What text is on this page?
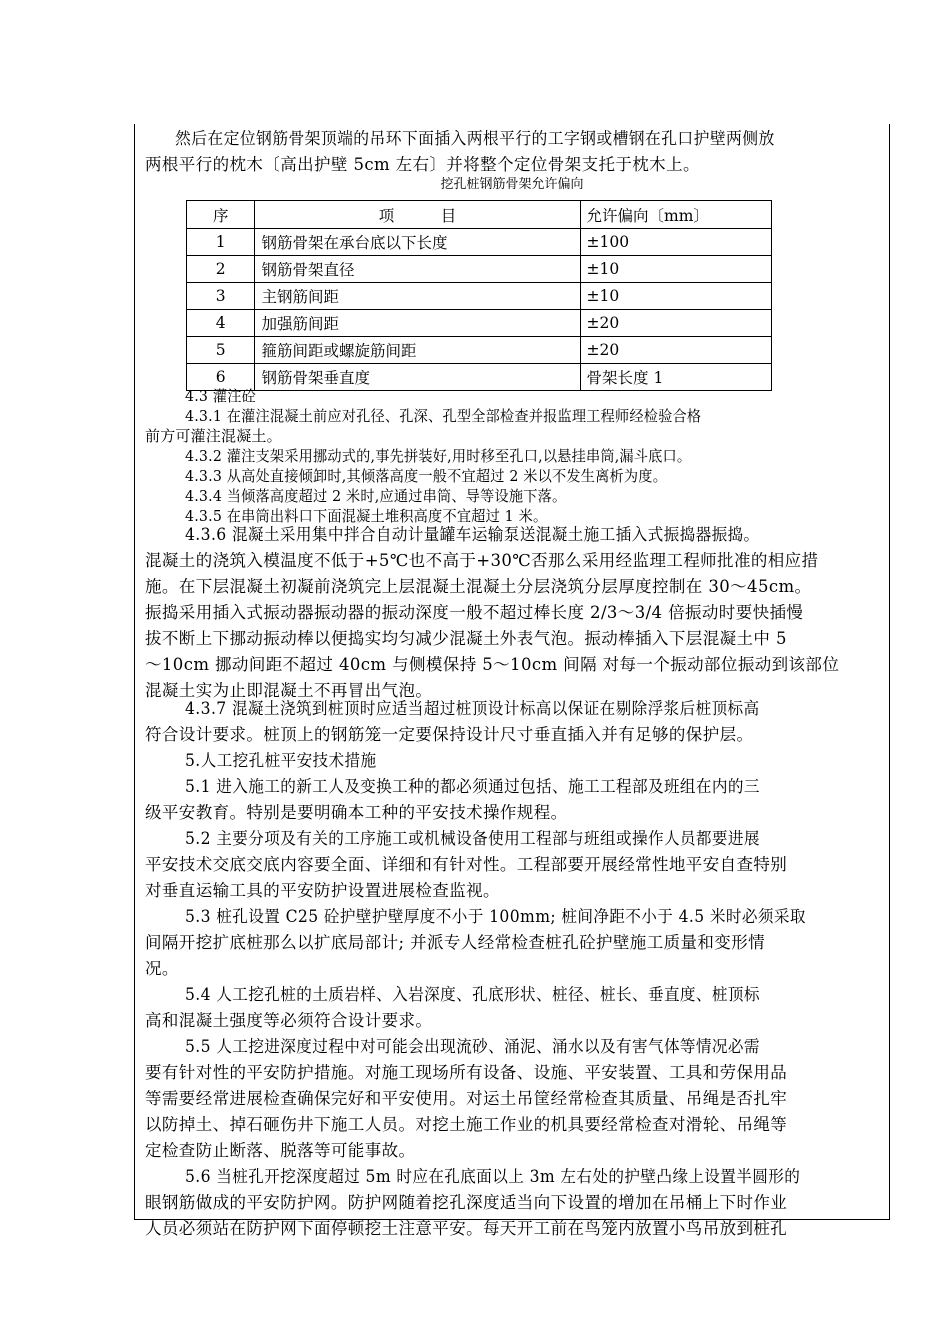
然后在定位钢筋骨架顶端的吊环下面插入两根平行的工字钢或槽钢在孔口护壁两侧放
两根平行的枕木〔高出护壁 5cm 左右〕并将整个定位骨架支托于枕木上。
挖孔桩钢筋骨架允许偏向
序	项　　　目	允许偏向〔mm〕
1	钢筋骨架在承台底以下长度	±100
2	钢筋骨架直径	±10
3	主钢筋间距	±10
4	加强筋间距	±20
5	箍筋间距或螺旋筋间距	±20
6	钢筋骨架垂直度	骨架长度 1
4.3 灌注砼
4.3.1 在灌注混凝土前应对孔径、孔深、孔型全部检查并报监理工程师经检验合格
前方可灌注混凝土。
4.3.2 灌注支架采用挪动式的,事先拼装好,用时移至孔口,以悬挂串筒,漏斗底口。
4.3.3 从高处直接倾卸时,其倾落高度一般不宜超过 2 米以不发生离析为度。
4.3.4 当倾落高度超过 2 米时,应通过串筒、导等设施下落。
4.3.5 在串筒出料口下面混凝土堆积高度不宜超过 1 米。
4.3.6 混凝土采用集中拌合自动计量罐车运输泵送混凝土施工插入式振捣器振捣。
混凝土的浇筑入模温度不低于+5℃也不高于+30℃否那么采用经监理工程师批准的相应措
施。在下层混凝土初凝前浇筑完上层混凝土混凝土分层浇筑分层厚度控制在 30～45cm。
振捣采用插入式振动器振动器的振动深度一般不超过棒长度 2/3～3/4 倍振动时要快插慢
拔不断上下挪动振动棒以便捣实均匀减少混凝土外表气泡。振动棒插入下层混凝土中 5
～10cm 挪动间距不超过 40cm 与侧模保持 5～10cm 间隔 对每一个振动部位振动到该部位
混凝土实为止即混凝土不再冒出气泡。
4.3.7 混凝土浇筑到桩顶时应适当超过桩顶设计标高以保证在剔除浮浆后桩顶标高
符合设计要求。桩顶上的钢筋笼一定要保持设计尺寸垂直插入并有足够的保护层。
5.人工挖孔桩平安技术措施
5.1 进入施工的新工人及变换工种的都必须通过包括、施工工程部及班组在内的三
级平安教育。特别是要明确本工种的平安技术操作规程。
5.2 主要分项及有关的工序施工或机械设备使用工程部与班组或操作人员都要进展
平安技术交底交底内容要全面、详细和有针对性。工程部要开展经常性地平安自查特别
对垂直运输工具的平安防护设置进展检查监视。
5.3 桩孔设置 C25 砼护壁护壁厚度不小于 100mm; 桩间净距不小于 4.5 米时必须采取
间隔开挖扩底桩那么以扩底局部计; 并派专人经常检查桩孔砼护壁施工质量和变形情
况。
5.4 人工挖孔桩的土质岩样、入岩深度、孔底形状、桩径、桩长、垂直度、桩顶标
高和混凝土强度等必须符合设计要求。
5.5 人工挖进深度过程中对可能会出现流砂、涌泥、涌水以及有害气体等情况必需
要有针对性的平安防护措施。对施工现场所有设备、设施、平安装置、工具和劳保用品
等需要经常进展检查确保完好和平安使用。对运土吊筐经常检查其质量、吊绳是否扎牢
以防掉土、掉石砸伤井下施工人员。对挖土施工作业的机具要经常检查对滑轮、吊绳等
定检查防止断落、脱落等可能事故。
5.6 当桩孔开挖深度超过 5m 时应在孔底面以上 3m 左右处的护壁凸缘上设置半圆形的
眼钢筋做成的平安防护网。防护网随着挖孔深度适当向下设置的增加在吊桶上下时作业
人员必须站在防护网下面停顿挖土注意平安。每天开工前在鸟笼内放置小鸟吊放到桩孔
